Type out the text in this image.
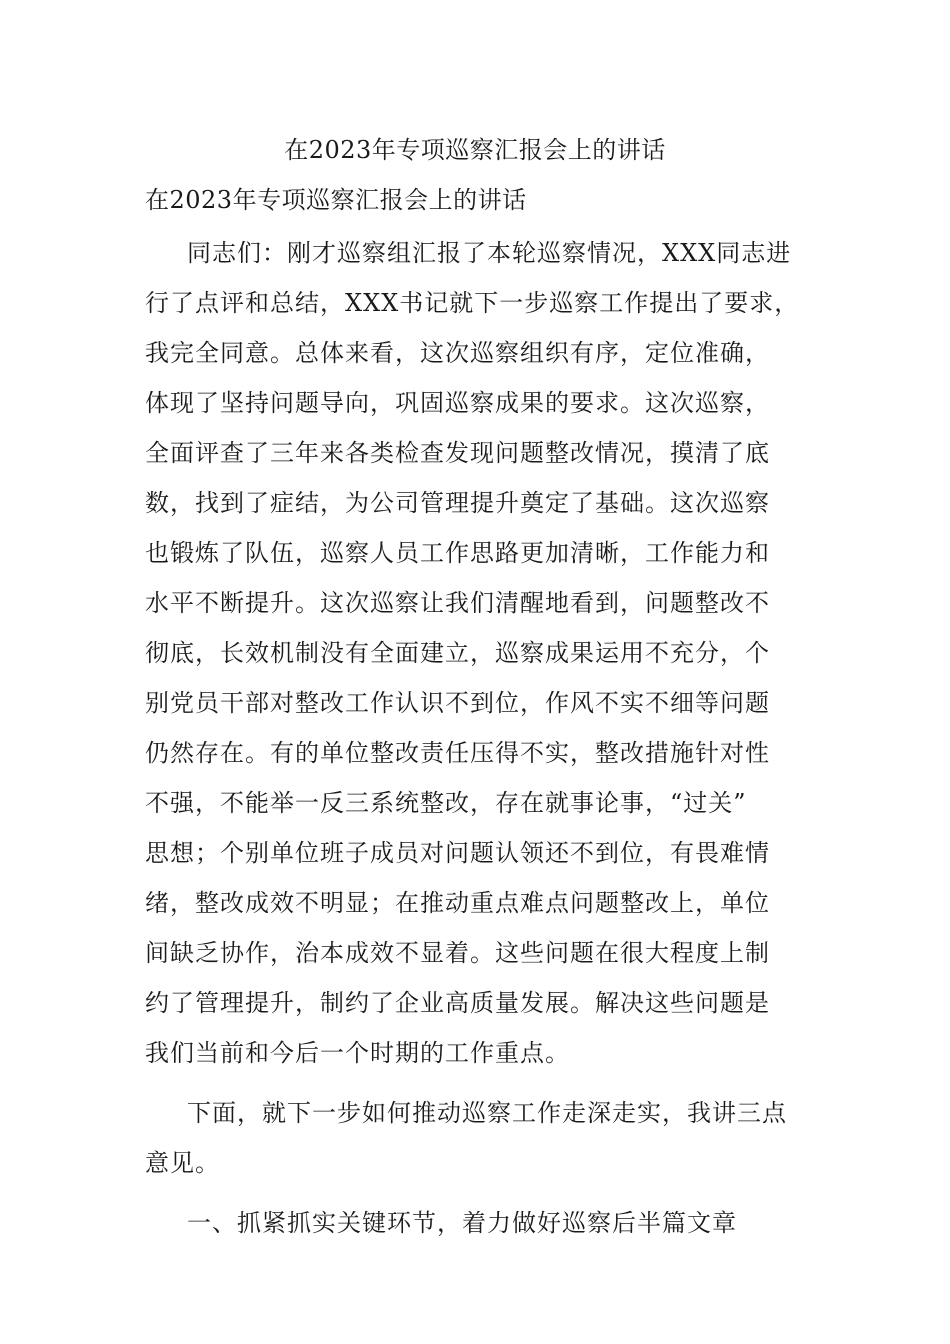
在2023年专项巡察汇报会上的讲话
在2023年专项巡察汇报会上的讲话
同志们：刚才巡察组汇报了本轮巡察情况，XXX同志进
行了点评和总结，XXX书记就下一步巡察工作提出了要求，
我完全同意。总体来看，这次巡察组织有序，定位准确，
体现了坚持问题导向，巩固巡察成果的要求。这次巡察，
全面评查了三年来各类检查发现问题整改情况，摸清了底
数，找到了症结，为公司管理提升奠定了基础。这次巡察
也锻炼了队伍，巡察人员工作思路更加清晰，工作能力和
水平不断提升。这次巡察让我们清醒地看到，问题整改不
彻底，长效机制没有全面建立，巡察成果运用不充分，个
别党员干部对整改工作认识不到位，作风不实不细等问题
仍然存在。有的单位整改责任压得不实，整改措施针对性
不强，不能举一反三系统整改，存在就事论事，“过关”
思想；个别单位班子成员对问题认领还不到位，有畏难情
绪，整改成效不明显；在推动重点难点问题整改上，单位
间缺乏协作，治本成效不显着。这些问题在很大程度上制
约了管理提升，制约了企业高质量发展。解决这些问题是
我们当前和今后一个时期的工作重点。
下面，就下一步如何推动巡察工作走深走实，我讲三点
意见。
一、抓紧抓实关键环节，着力做好巡察后半篇文章
